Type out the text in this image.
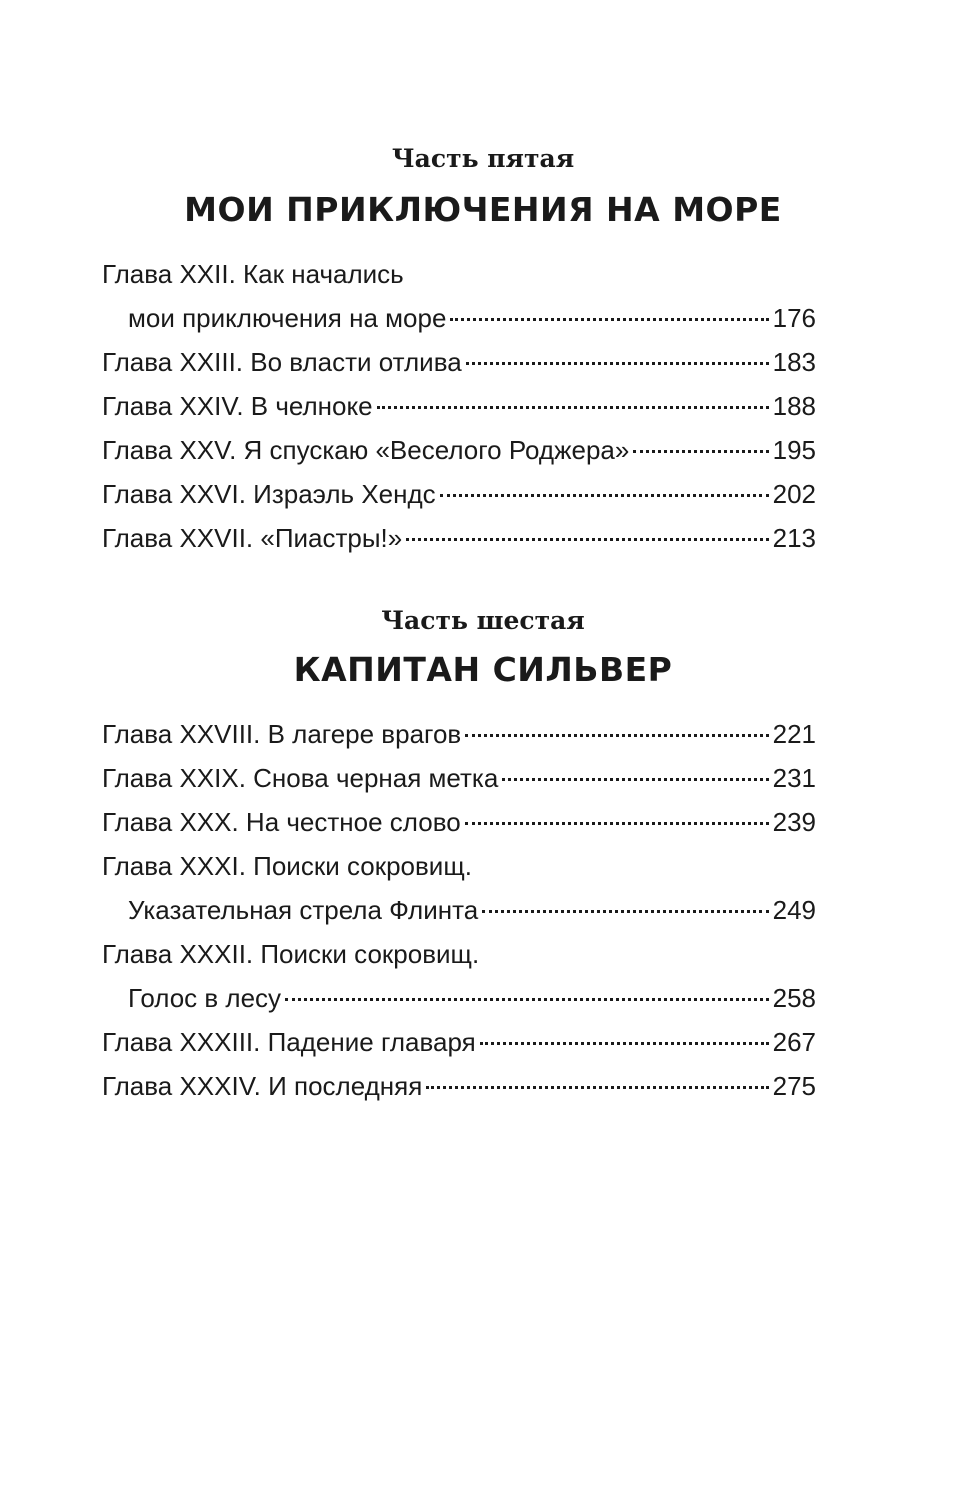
Часть пятая
МОИ ПРИКЛЮЧЕНИЯ НА МОРЕ
Глава XXII. Как начались
мои приключения на море	176
Глава XXIII. Во власти отлива	183
Глава XXIV. В челноке	188
Глава XXV. Я спускаю «Веселого Роджера»	195
Глава XXVI. Израэль Хендс	202
Глава XXVII. «Пиастры!»	213
Часть шестая
КАПИТАН СИЛЬВЕР
Глава XXVIII. В лагере врагов	221
Глава XXIX. Снова черная метка	231
Глава XXX. На честное слово	239
Глава XXXI. Поиски сокровищ.
Указательная стрела Флинта	249
Глава XXXII. Поиски сокровищ.
Голос в лесу	258
Глава XXXIII. Падение главаря	267
Глава XXXIV. И последняя	275
